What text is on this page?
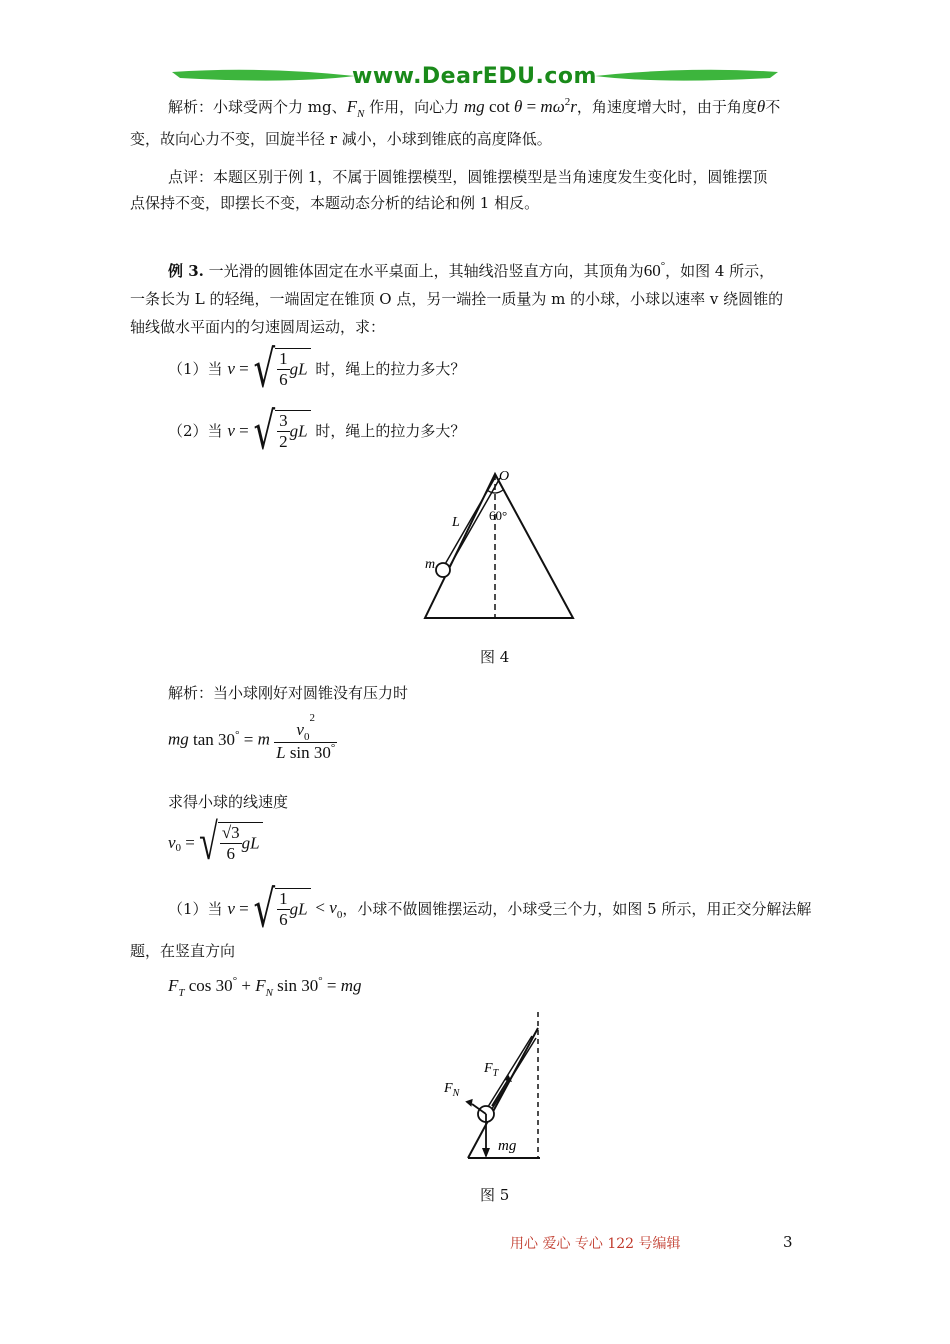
www.DearEDU.com
解析：小球受两个力 mg、$F_N$ 作用，向心力 mg $\cot \theta = m\omega^2r$，角速度增大时，由于角度θ不
变，故向心力不变，回旋半径 r 减小，小球到锥底的高度降低。
点评：本题区别于例 1，不属于圆锥摆模型，圆锥摆模型是当角速度发生变化时，圆锥摆顶
点保持不变，即摆长不变，本题动态分析的结论和例 1 相反。
例 3. 一光滑的圆锥体固定在水平桌面上，其轴线沿竖直方向，其顶角为60°，如图 4 所示，
一条长为 L 的轻绳，一端固定在锥顶 O 点，另一端拴一质量为 m 的小球，小球以速率 v 绕圆锥的
轴线做水平面内的匀速圆周运动，求：
（1）当 v = √ $\frac{1}{6}$ gL 时，绳上的拉力多大？
（2）当 v = √ $\frac{3}{2}$ gL 时，绳上的拉力多大？
O
L
m
60°
图 4
解析：当小球刚好对圆锥没有压力时
mg tan 30° = m $\frac{v_0^2}{L \sin 30^\circ}$
求得小球的线速度
$v_0$ = √ $\frac{√3}{6}$ gL
（1）当 v = √ $\frac{1}{6}$ gL < $v_0$，小球不做圆锥摆运动，小球受三个力，如图 5 所示，用正交分解法解
题，在竖直方向
$F_T$ $\cos 30^\circ + F_N$ sin 30° = mg
$F_T$
$F_N$
mg
图 5
用心 爱心 专心 122 号编辑	3
